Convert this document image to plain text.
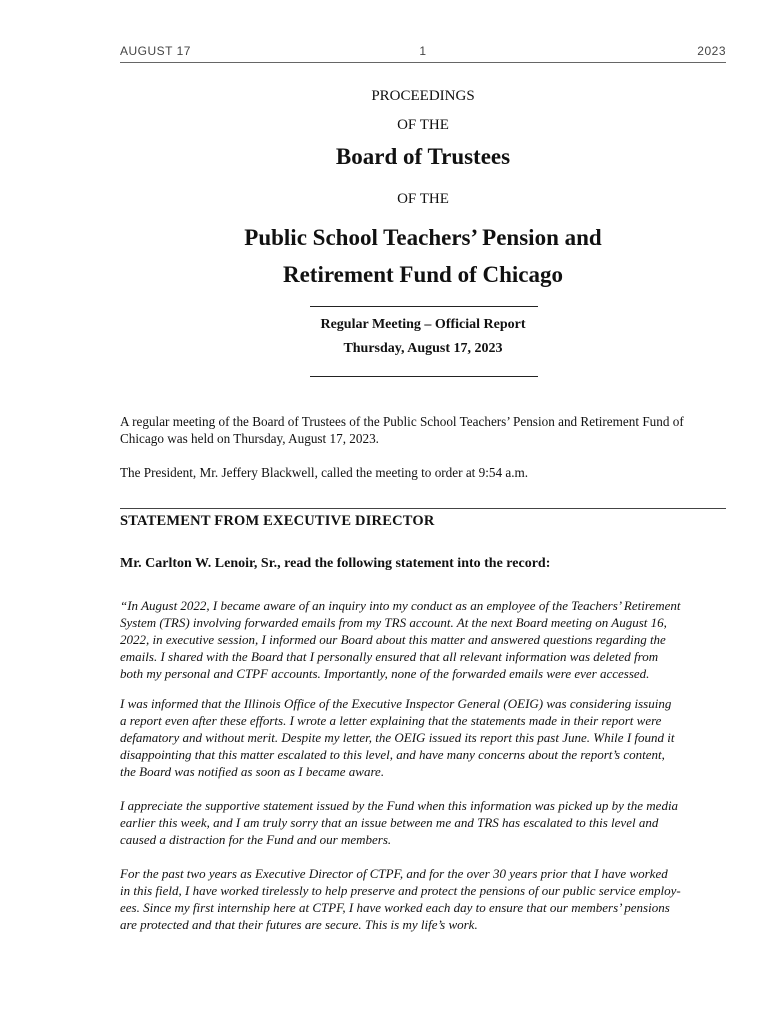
AUGUST 17	1	2023
PROCEEDINGS
OF THE
Board of Trustees
OF THE
Public School Teachers’ Pension and
Retirement Fund of Chicago
Regular Meeting – Official Report
Thursday, August 17, 2023
A regular meeting of the Board of Trustees of the Public School Teachers’ Pension and Retirement Fund of
Chicago was held on Thursday, August 17, 2023.
The President, Mr. Jeffery Blackwell, called the meeting to order at 9:54 a.m.
STATEMENT FROM EXECUTIVE DIRECTOR
Mr. Carlton W. Lenoir, Sr., read the following statement into the record:
“In August 2022, I became aware of an inquiry into my conduct as an employee of the Teachers’ Retirement
System (TRS) involving forwarded emails from my TRS account. At the next Board meeting on August 16,
2022, in executive session, I informed our Board about this matter and answered questions regarding the
emails. I shared with the Board that I personally ensured that all relevant information was deleted from
both my personal and CTPF accounts. Importantly, none of the forwarded emails were ever accessed.
I was informed that the Illinois Office of the Executive Inspector General (OEIG) was considering issuing
a report even after these efforts. I wrote a letter explaining that the statements made in their report were
defamatory and without merit. Despite my letter, the OEIG issued its report this past June. While I found it
disappointing that this matter escalated to this level, and have many concerns about the report’s content,
the Board was notified as soon as I became aware.
I appreciate the supportive statement issued by the Fund when this information was picked up by the media
earlier this week, and I am truly sorry that an issue between me and TRS has escalated to this level and
caused a distraction for the Fund and our members.
For the past two years as Executive Director of CTPF, and for the over 30 years prior that I have worked
in this field, I have worked tirelessly to help preserve and protect the pensions of our public service employ-
ees. Since my first internship here at CTPF, I have worked each day to ensure that our members’ pensions
are protected and that their futures are secure. This is my life’s work.
